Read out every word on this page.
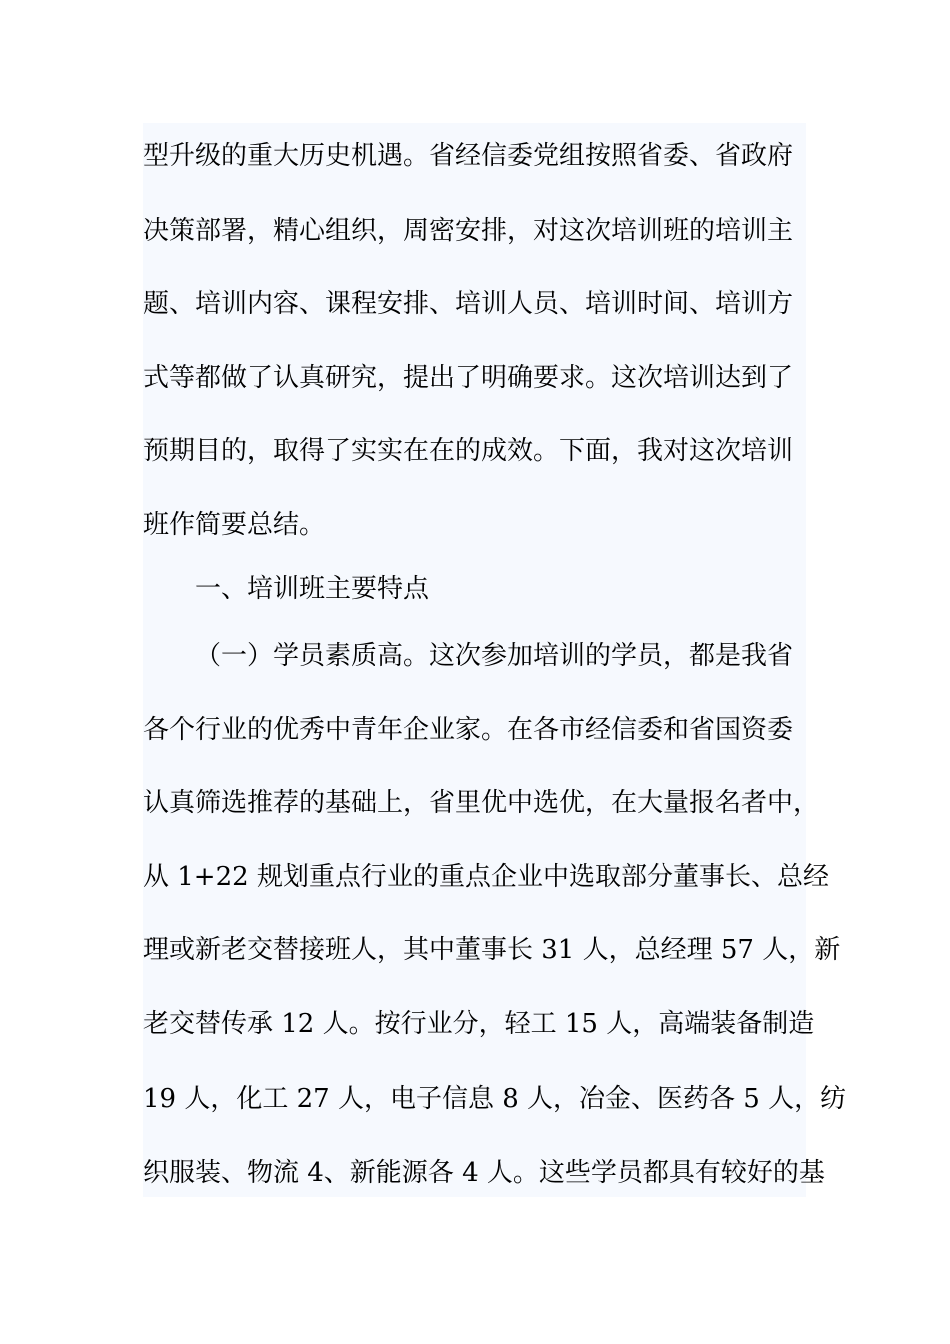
型升级的重大历史机遇。省经信委党组按照省委、省政府
决策部署，精心组织，周密安排，对这次培训班的培训主
题、培训内容、课程安排、培训人员、培训时间、培训方
式等都做了认真研究，提出了明确要求。这次培训达到了
预期目的，取得了实实在在的成效。下面，我对这次培训
班作简要总结。
一、培训班主要特点
（一）学员素质高。这次参加培训的学员，都是我省
各个行业的优秀中青年企业家。在各市经信委和省国资委
认真筛选推荐的基础上，省里优中选优，在大量报名者中，
从 1+22 规划重点行业的重点企业中选取部分董事长、总经
理或新老交替接班人，其中董事长 31 人，总经理 57 人，新
老交替传承 12 人。按行业分，轻工 15 人，高端装备制造
19 人，化工 27 人，电子信息 8 人，冶金、医药各 5 人，纺
织服装、物流 4、新能源各 4 人。这些学员都具有较好的基
